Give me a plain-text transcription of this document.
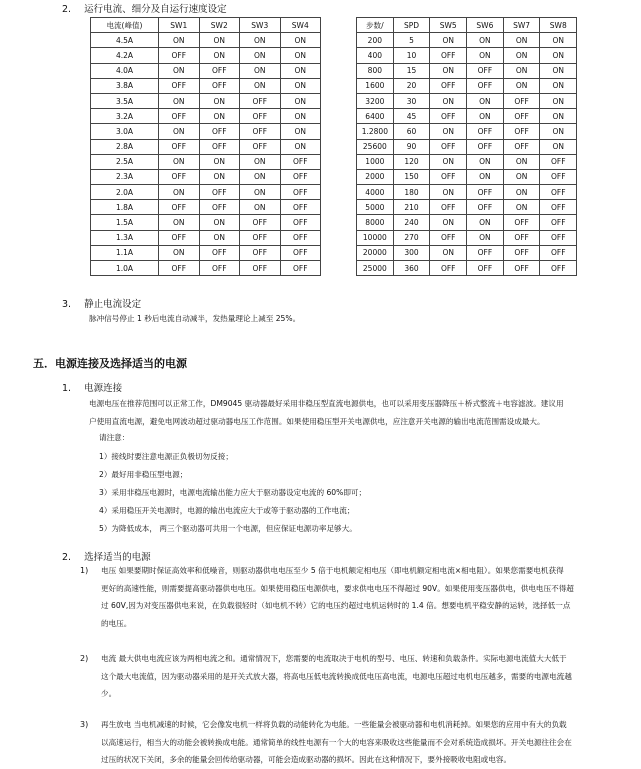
2. 运行电流、细分及自运行速度设定
电流(峰值)	SW1	SW2	SW3	SW4
4.5A	ON	ON	ON	ON
4.2A	OFF	ON	ON	ON
4.0A	ON	OFF	ON	ON
3.8A	OFF	OFF	ON	ON
3.5A	ON	ON	OFF	ON
3.2A	OFF	ON	OFF	ON
3.0A	ON	OFF	OFF	ON
2.8A	OFF	OFF	OFF	ON
2.5A	ON	ON	ON	OFF
2.3A	OFF	ON	ON	OFF
2.0A	ON	OFF	ON	OFF
1.8A	OFF	OFF	ON	OFF
1.5A	ON	ON	OFF	OFF
1.3A	OFF	ON	OFF	OFF
1.1A	ON	OFF	OFF	OFF
1.0A	OFF	OFF	OFF	OFF
步数/	SPD	SW5	SW6	SW7	SW8
200	5	ON	ON	ON	ON
400	10	OFF	ON	ON	ON
800	15	ON	OFF	ON	ON
1600	20	OFF	OFF	ON	ON
3200	30	ON	ON	OFF	ON
6400	45	OFF	ON	OFF	ON
1.2800	60	ON	OFF	OFF	ON
25600	90	OFF	OFF	OFF	ON
1000	120	ON	ON	ON	OFF
2000	150	OFF	ON	ON	OFF
4000	180	ON	OFF	ON	OFF
5000	210	OFF	OFF	ON	OFF
8000	240	ON	ON	OFF	OFF
10000	270	OFF	ON	OFF	OFF
20000	300	ON	OFF	OFF	OFF
25000	360	OFF	OFF	OFF	OFF
3. 静止电流设定
脉冲信号停止 1 秒后电流自动减半，发热量理论上减至 25%。
五．电源连接及选择适当的电源
1. 电源连接
电源电压在推荐范围可以正常工作，DM9045 驱动器最好采用非稳压型直流电源供电，也可以采用变压器降压＋桥式整流＋电容滤波。建议用
户使用直流电源，避免电网波动超过驱动器电压工作范围。如果使用稳压型开关电源供电，应注意开关电源的输出电流范围需设成最大。
请注意：
1）接线时要注意电源正负极切勿反接；
2）最好用非稳压型电源；
3）采用非稳压电源时，电源电流输出能力应大于驱动器设定电流的 60%即可；
4）采用稳压开关电源时，电源的输出电流应大于或等于驱动器的工作电流；
5）为降低成本， 两三个驱动器可共用一个电源，但应保证电源功率足够大。
2. 选择适当的电源
1) 电压 如果要期时保证高效率和低噪音，则驱动器供电电压至少 5 倍于电机额定相电压（即电机额定相电流×相电阻）。如果您需要电机获得
更好的高速性能，则需要提高驱动器供电电压。如果使用稳压电源供电，要求供电电压不得超过 90V。如果使用变压器供电，供电电压不得超
过 60V,因为对变压器供电来说，在负载很轻时（如电机不转）它的电压约超过电机运转时的 1.4 倍。想要电机平稳安静的运转，选择低一点
的电压。
2) 电流 最大供电电流应该为两相电流之和。通常情况下，您需要的电流取决于电机的型号、电压、转速和负载条件。实际电源电流值大大低于
这个最大电流值，因为驱动器采用的是开关式放大器，将高电压低电流转换成低电压高电流，电源电压超过电机电压越多，需要的电源电流越
少。
3) 再生放电 当电机减速的时候，它会像发电机一样将负载的动能转化为电能。一些能量会被驱动器和电机消耗掉。如果您的应用中有大的负载
以高速运行，相当大的动能会被转换成电能。通常简单的线性电源有一个大的电容来吸收这些能量而不会对系统造成损坏。开关电源往往会在
过压的状况下关闭，多余的能量会回传给驱动器，可能会造成驱动器的损坏。因此在这种情况下，要外接吸收电阻或电容。
